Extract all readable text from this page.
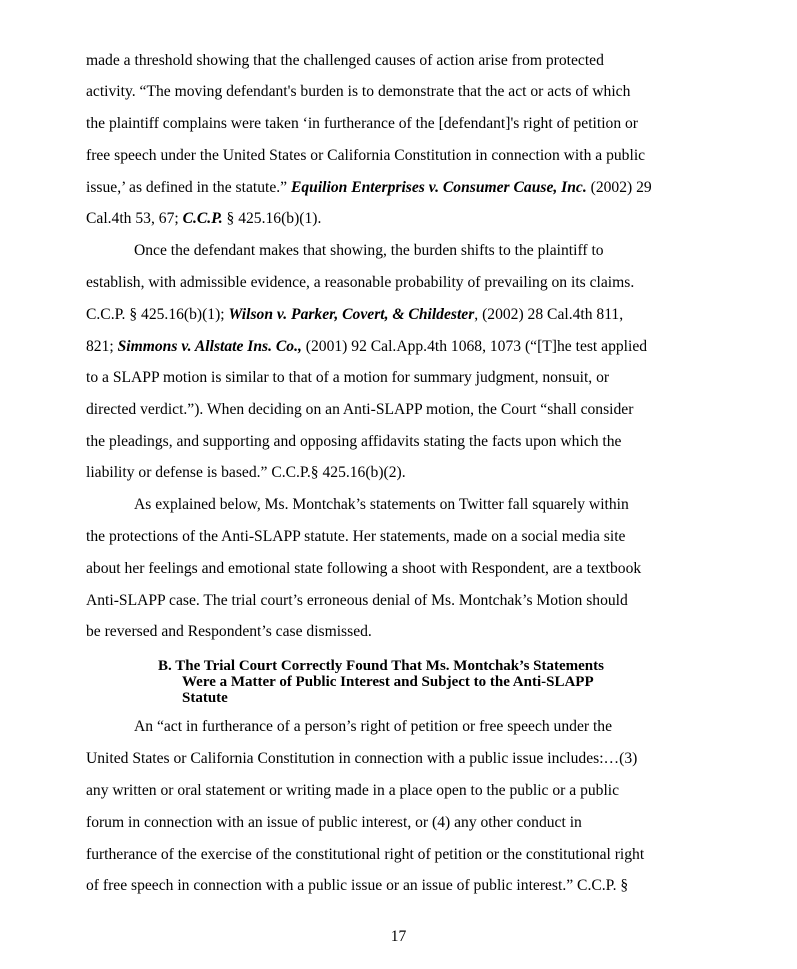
made a threshold showing that the challenged causes of action arise from protected
activity. “The moving defendant's burden is to demonstrate that the act or acts of which
the plaintiff complains were taken ‘in furtherance of the [defendant]'s right of petition or
free speech under the United States or California Constitution in connection with a public
issue,’ as defined in the statute.” Equilion Enterprises v. Consumer Cause, Inc. (2002) 29
Cal.4th 53, 67; C.C.P. § 425.16(b)(1).
Once the defendant makes that showing, the burden shifts to the plaintiff to
establish, with admissible evidence, a reasonable probability of prevailing on its claims.
C.C.P. § 425.16(b)(1); Wilson v. Parker, Covert, & Childester, (2002) 28 Cal.4th 811,
821; Simmons v. Allstate Ins. Co., (2001) 92 Cal.App.4th 1068, 1073 (“[T]he test applied
to a SLAPP motion is similar to that of a motion for summary judgment, nonsuit, or
directed verdict.”). When deciding on an Anti-SLAPP motion, the Court “shall consider
the pleadings, and supporting and opposing affidavits stating the facts upon which the
liability or defense is based.” C.C.P.§ 425.16(b)(2).
As explained below, Ms. Montchak’s statements on Twitter fall squarely within
the protections of the Anti-SLAPP statute. Her statements, made on a social media site
about her feelings and emotional state following a shoot with Respondent, are a textbook
Anti-SLAPP case. The trial court’s erroneous denial of Ms. Montchak’s Motion should
be reversed and Respondent’s case dismissed.
B. The Trial Court Correctly Found That Ms. Montchak’s Statements
Were a Matter of Public Interest and Subject to the Anti-SLAPP
Statute
An “act in furtherance of a person’s right of petition or free speech under the
United States or California Constitution in connection with a public issue includes:…(3)
any written or oral statement or writing made in a place open to the public or a public
forum in connection with an issue of public interest, or (4) any other conduct in
furtherance of the exercise of the constitutional right of petition or the constitutional right
of free speech in connection with a public issue or an issue of public interest.” C.C.P. §
17
